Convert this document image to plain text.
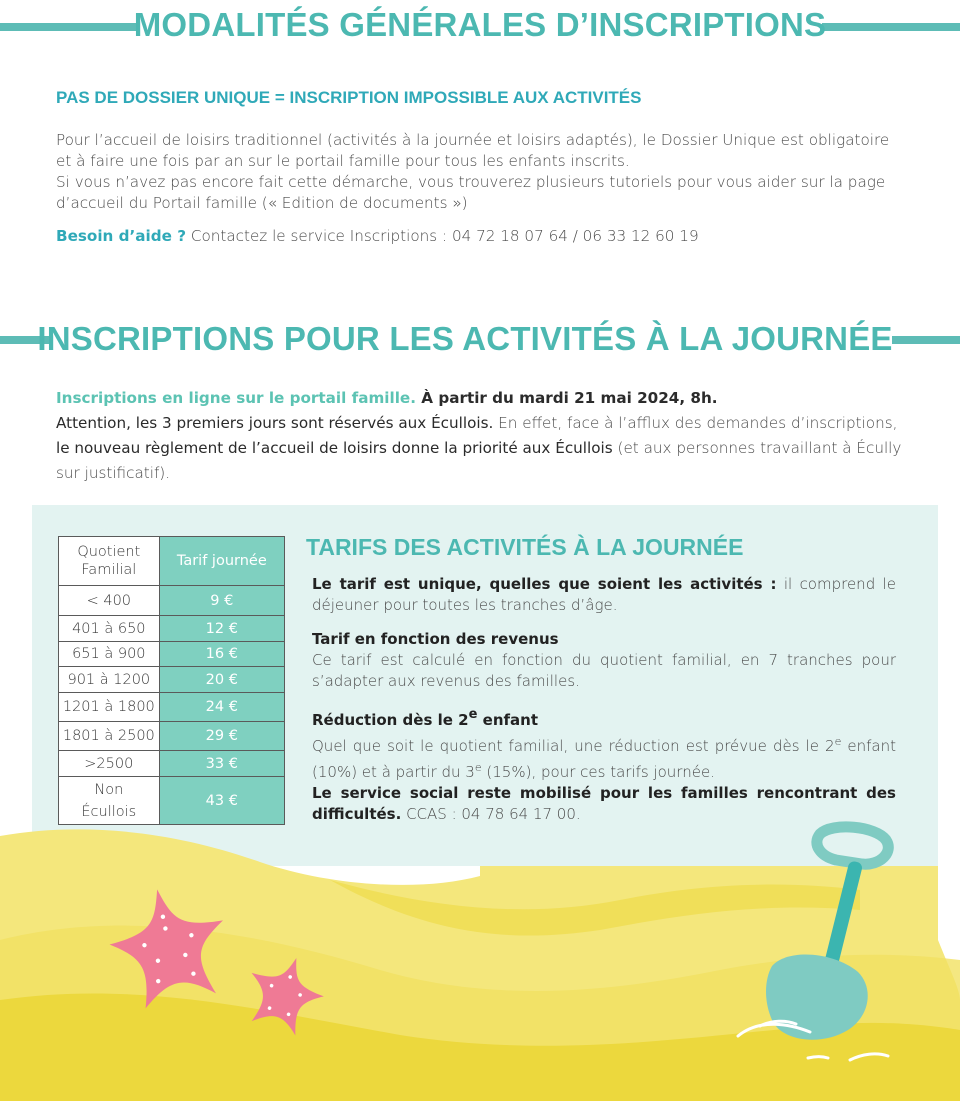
MODALITÉS GÉNÉRALES D’INSCRIPTIONS
PAS DE DOSSIER UNIQUE = INSCRIPTION IMPOSSIBLE AUX ACTIVITÉS
Pour l’accueil de loisirs traditionnel (activités à la journée et loisirs adaptés), le Dossier Unique est obligatoire
et à faire une fois par an sur le portail famille pour tous les enfants inscrits.
Si vous n’avez pas encore fait cette démarche, vous trouverez plusieurs tutoriels pour vous aider sur la page
d’accueil du Portail famille (« Edition de documents »)
Besoin d’aide ? Contactez le service Inscriptions : 04 72 18 07 64 / 06 33 12 60 19
INSCRIPTIONS POUR LES ACTIVITÉS À LA JOURNÉE
Inscriptions en ligne sur le portail famille. À partir du mardi 21 mai 2024, 8h.
Attention, les 3 premiers jours sont réservés aux Écullois. En effet, face à l’afflux des demandes d’inscriptions,
le nouveau règlement de l’accueil de loisirs donne la priorité aux Écullois (et aux personnes travaillant à Écully
sur justificatif).
Quotient
Familial	Tarif journée
< 400	9 €
401 à 650	12 €
651 à 900	16 €
901 à 1200	20 €
1201 à 1800	24 €
1801 à 2500	29 €
>2500	33 €
Non
Écullois	43 €
TARIFS DES ACTIVITÉS À LA JOURNÉE
Le tarif est unique, quelles que soient les activités : il comprend le déjeuner pour toutes les tranches d’âge.
Tarif en fonction des revenus
Ce tarif est calculé en fonction du quotient familial, en 7 tranches pour s’adapter aux revenus des familles.
Réduction dès le 2e enfant
Quel que soit le quotient familial, une réduction est prévue dès le 2e enfant (10%) et à partir du 3e (15%), pour ces tarifs journée.
Le service social reste mobilisé pour les familles rencontrant des difficultés. CCAS : 04 78 64 17 00.
